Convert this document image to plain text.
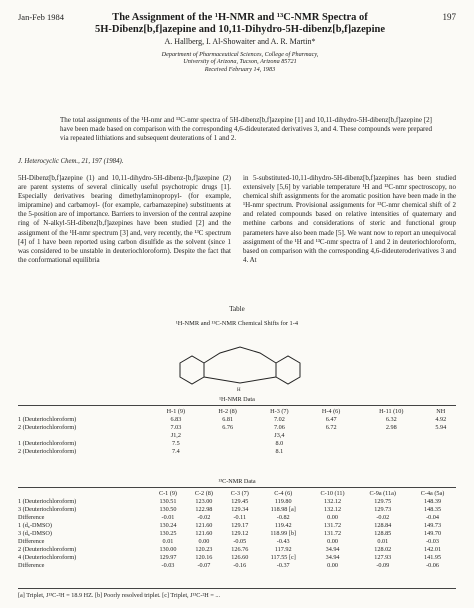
Jan-Feb 1984	197
The Assignment of the ¹H-NMR and ¹³C-NMR Spectra of
5H-Dibenz[b,f]azepine and 10,11-Dihydro-5H-dibenz[b,f]azepine
A. Hallberg, I. Al-Showaiter and A. R. Martin*
Department of Pharmaceutical Sciences, College of Pharmacy,
University of Arizona, Tucson, Arizona 85721
Received February 14, 1983
The total assignments of the ¹H-nmr and ¹³C-nmr spectra of 5H-dibenz[b,f]azepine [1] and 10,11-dihydro-5H-dibenz[b,f]azepine [2] have been made based on comparison with the corresponding 4,6-dideuterated derivatives 3, and 4. These compounds were prepared via repeated lithiations and subsequent deuterations of 1 and 2.
J. Heterocyclic Chem., 21, 197 (1984).
5H-Dibenz[b,f]azepine (1) and 10,11-dihydro-5H-dibenz-[b,f]azepine (2) are parent systems of several clinically useful psychotropic drugs [1]. Especially derivatives bearing dimethylaminopropyl- (for example, imipramine) and carbamoyl- (for example, carbamazepine) substituents at the 5-position are of importance. Barriers to inversion of the central azepine ring of N-alkyl-5H-dibenz[b,f]azepines have been studied [2] and the assignment of the ¹H-nmr spectrum [3] and, very recently, the ¹³C spectrum [4] of 1 have been reported using carbon disulfide as the solvent (since 1 was considered to be unstable in deuteriochloroform). Despite the fact that the conformational equilibria
in 5-substituted-10,11-dihydro-5H-dibenz[b,f]azepines has been studied extensively [5,6] by variable temperature ¹H and ¹³C-nmr spectroscopy, no chemical shift assignments for the aromatic position have been made in the ¹H-nmr spectrum. Provisional assignments for ¹³C-nmr chemical shift of 2 and related compounds based on relative intensities of quaternary and methine carbons and considerations of steric and functional group parameters have also been made [5]. We want now to report an unequivocal assignment of the ¹H and ¹³C-nmr spectra of 1 and 2 in deuteriochloroform, based on comparison with the corresponding 4,6-dideuteroderivatives 3 and 4. At
Table
¹H-NMR and ¹³C-NMR Chemical Shifts for 1-4
H
¹H-NMR Data
	H-1 (9)	H-2 (8)	H-3 (7)	H-4 (6)	H-11 (10)	NH
1 (Deuteriochloroform)	6.83	6.81	7.02	6.47	6.32	4.92
2 (Deuteriochloroform)	7.03	6.76	7.06	6.72	2.98	5.94
	J1,2		J3,4			
1 (Deuteriochloroform)	7.5		8.0			
2 (Deuteriochloroform)	7.4		8.1			
¹³C-NMR Data
	C-1 (9)	C-2 (8)	C-3 (7)	C-4 (6)	C-10 (11)	C-9a (11a)	C-4a (5a)
1 (Deuteriochloroform)	130.51	123.00	129.45	119.80	132.12	129.75	148.39
3 (Deuteriochloroform)	130.50	122.98	129.34	118.98 [a]	132.12	129.73	148.35
Difference	-0.01	-0.02	-0.11	-0.82	0.00	-0.02	-0.04
1 (d₆-DMSO)	130.24	121.60	129.17	119.42	131.72	128.84	149.73
3 (d₆-DMSO)	130.25	121.60	129.12	118.99 [b]	131.72	128.85	149.70
Difference	0.01	0.00	-0.05	-0.43	0.00	0.01	-0.03
2 (Deuteriochloroform)	130.00	120.23	126.76	117.92	34.94	128.02	142.01
4 (Deuteriochloroform)	129.97	120.16	126.60	117.55 [c]	34.94	127.93	141.95
Difference	-0.03	-0.07	-0.16	-0.37	0.00	-0.09	-0.06
[a] Triplet, J¹³C-²H = 18.9 HZ. [b] Poorly resolved triplet. [c] Triplet, J¹³C-²H = ...
